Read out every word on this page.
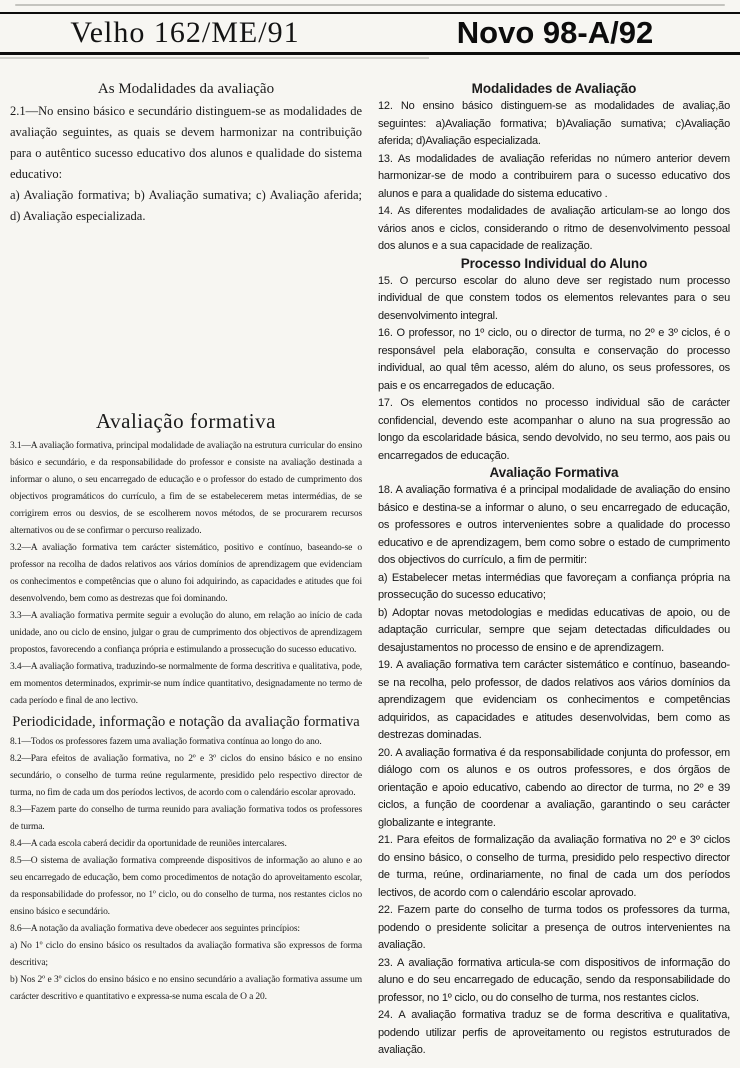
Velho 162/ME/91	Novo 98-A/92
As Modalidades da avaliação

2.1—No ensino básico e secundário distinguem-se as modalidades de avaliação seguintes, as quais se devem harmonizar na contribuição para o autêntico sucesso educativo dos alunos e qualidade do sistema educativo:

a) Avaliação formativa; b) Avaliação sumativa; c) Avaliação aferida; d) Avaliação especializada.

Avaliação formativa

3.1—A avaliação formativa, principal modalidade de avaliação na estrutura curricular do ensino básico e secundário, e da responsabilidade do professor e consiste na avaliação destinada a informar o aluno, o seu encarregado de educação e o professor do estado de cumprimento dos objectivos programáticos do currículo, a fim de se estabelecerem metas intermédias, de se corrigirem erros ou desvios, de se escolherem novos métodos, de se procurarem recursos alternativos ou de se confirmar o percurso realizado.

3.2—A avaliação formativa tem carácter sistemático, positivo e contínuo, baseando-se o professor na recolha de dados relativos aos vários domínios de aprendizagem que evidenciam os conhecimentos e competências que o aluno foi adquirindo, as capacidades e atitudes que foi desenvolvendo, bem como as destrezas que foi dominando.

3.3—A avaliação formativa permite seguir a evolução do aluno, em relação ao início de cada unidade, ano ou ciclo de ensino, julgar o grau de cumprimento dos objectivos de aprendizagem propostos, favorecendo a confiança própria e estimulando a prossecução do sucesso educativo.

3.4—A avaliação formativa, traduzindo-se normalmente de forma descritiva e qualitativa, pode, em momentos determinados, exprimir-se num índice quantitativo, designadamente no termo de cada período e final de ano lectivo.

Periodicidade, informação e notação da avaliação formativa

8.1—Todos os professores fazem uma avaliação formativa contínua ao longo do ano.

8.2—Para efeitos de avaliação formativa, no 2º e 3º ciclos do ensino básico e no ensino secundário, o conselho de turma reúne regularmente, presidido pelo respectivo director de turma, no fim de cada um dos períodos lectivos, de acordo com o calendário escolar aprovado.

8.3—Fazem parte do conselho de turma reunido para avaliação formativa todos os professores de turma.

8.4—A cada escola caberá decidir da oportunidade de reuniões intercalares.

8.5—O sistema de avaliação formativa compreende dispositivos de informação ao aluno e ao seu encarregado de educação, bem como procedimentos de notação do aproveitamento escolar, da responsabilidade do professor, no 1º ciclo, ou do conselho de turma, nos restantes ciclos no ensino básico e secundário.

8.6—A notação da avaliação formativa deve obedecer aos seguintes princípios:

a) No 1º ciclo do ensino básico os resultados da avaliação formativa são expressos de forma descritiva;

b) Nos 2º e 3º ciclos do ensino básico e no ensino secundário a avaliação formativa assume um carácter descritivo e quantitativo e expressa-se numa escala de O a 20.

Modalidades de Avaliação

12. No ensino básico distinguem-se as modalidades de avaliaç,ão seguintes: a)Avaliação formativa; b)Avaliação sumativa; c)Avaliação aferida; d)Avaliação especializada.

13. As modalidades de avaliação referidas no número anterior devem harmonizar-se de modo a contribuirem para o sucesso educativo dos alunos e para a qualidade do sistema educativo .

14. As diferentes modalidades de avaliação articulam-se ao longo dos vários anos e ciclos, considerando o ritmo de desenvolvimento pessoal dos alunos e a sua capacidade de realização.

Processo Individual do Aluno

15. O percurso escolar do aluno deve ser registado num processo individual de que constem todos os elementos relevantes para o seu desenvolvimento integral.

16. O professor, no 1º ciclo, ou o director de turma, no 2º e 3º ciclos, é o responsável pela elaboração, consulta e conservação do processo individual, ao qual têm acesso, além do aluno, os seus professores, os pais e os encarregados de educação.

17. Os elementos contidos no processo individual são de carácter confidencial, devendo este acompanhar o aluno na sua progressão ao longo da escolaridade básica, sendo devolvido, no seu termo, aos pais ou encarregados de educação.

Avaliação Formativa

18. A avaliação formativa é a principal modalidade de avaliação do ensino básico e destina-se a informar o aluno, o seu encarregado de educação, os professores e outros intervenientes sobre a qualidade do processo educativo e de aprendizagem, bem como sobre o estado de cumprimento dos objectivos do currículo, a fim de permitir:

a) Estabelecer metas intermédias que favoreçam a confiança própria na prossecução do sucesso educativo;

b) Adoptar novas metodologias e medidas educativas de apoio, ou de adaptação curricular, sempre que sejam detectadas dificuldades ou desajustamentos no processo de ensino e de aprendizagem.

19. A avaliação formativa tem carácter sistemático e contínuo, baseando-se na recolha, pelo professor, de dados relativos aos vários domínios da aprendizagem que evidenciam os conhecimentos e competências adquiridos, as capacidades e atitudes desenvolvidas, bem como as destrezas dominadas.

20. A avaliação formativa é da responsabilidade conjunta do professor, em diálogo com os alunos e os outros professores, e dos órgãos de orientação e apoio educativo, cabendo ao director de turma, no 2º e 39 ciclos, a função de coordenar a avaliação, garantindo o seu carácter globalizante e integrante.

21. Para efeitos de formalização da avaliação formativa no 2º e 3º ciclos do ensino básico, o conselho de turma, presidido pelo respectivo director de turma, reúne, ordinariamente, no final de cada um dos períodos lectivos, de acordo com o calendário escolar aprovado.

22. Fazem parte do conselho de turma todos os professores da turma, podendo o presidente solicitar a presença de outros intervenientes na avaliação.

23. A avaliação formativa articula-se com dispositivos de informação do aluno e do seu encarregado de educação, sendo da responsabilidade do professor, no 1º ciclo, ou do conselho de turma, nos restantes ciclos.

24. A avaliação formativa traduz se de forma descritiva e qualitativa, podendo utilizar perfis de aproveitamento ou registos estruturados de avaliação.
